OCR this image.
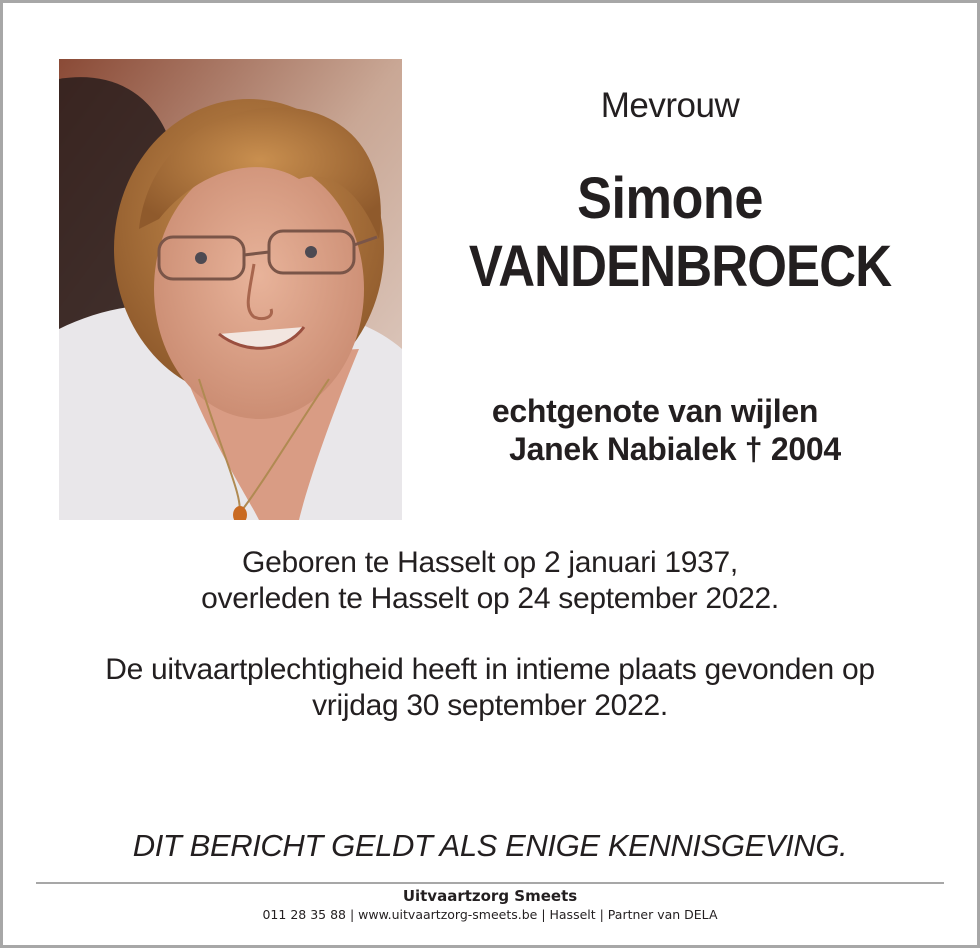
Mevrouw
Simone
VANDENBROECK
echtgenote van wijlen
Janek Nabialek † 2004
Geboren te Hasselt op 2 januari 1937,
overleden te Hasselt op 24 september 2022.
De uitvaartplechtigheid heeft in intieme plaats gevonden op
vrijdag 30 september 2022.
DIT BERICHT GELDT ALS ENIGE KENNISGEVING.
Uitvaartzorg Smeets
011 28 35 88 | www.uitvaartzorg-smeets.be | Hasselt | Partner van DELA
